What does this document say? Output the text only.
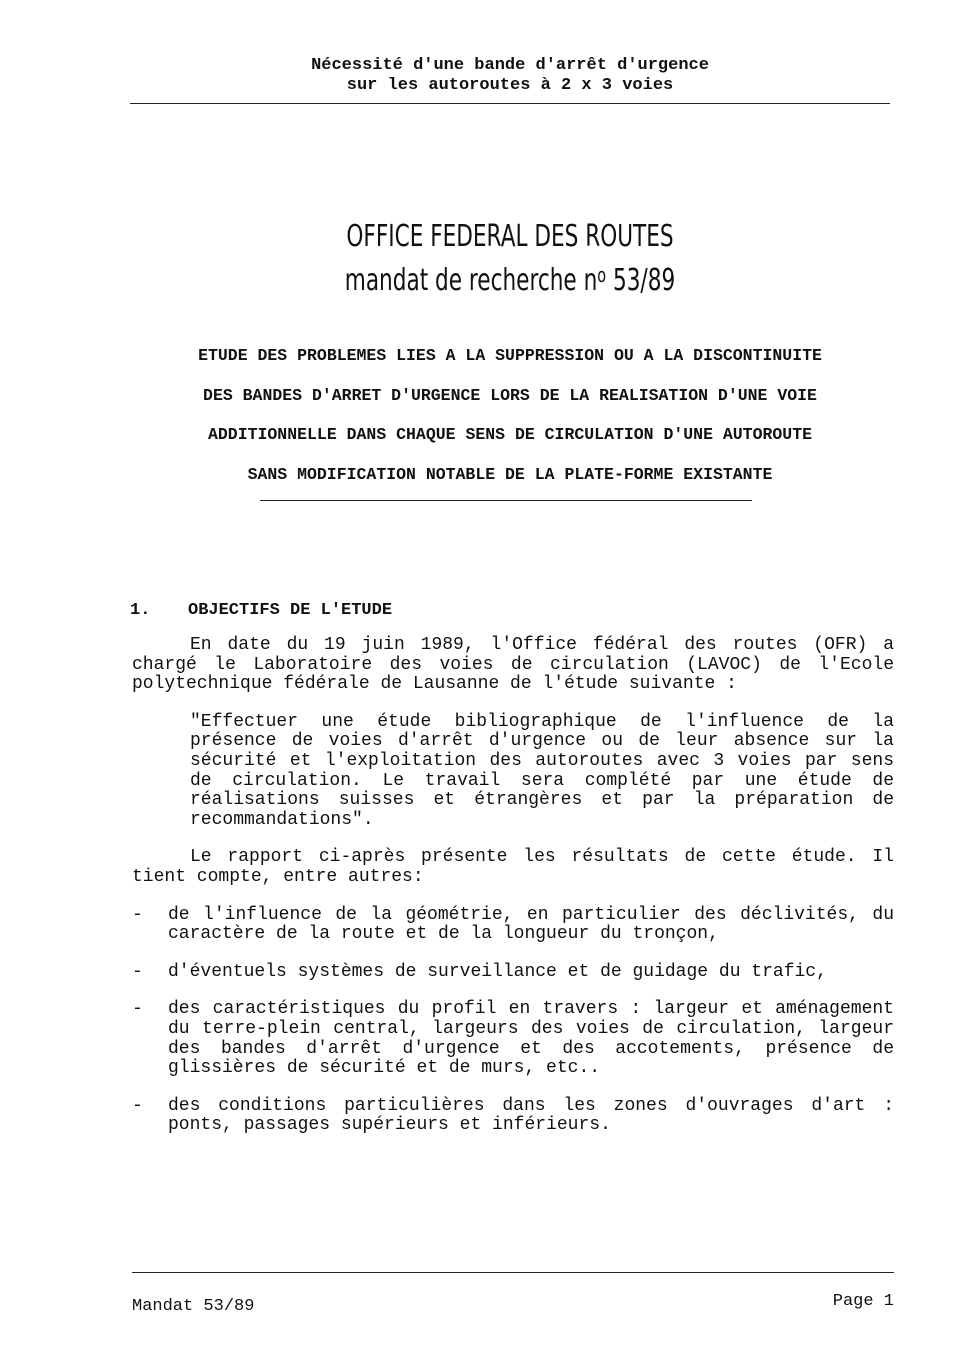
Nécessité d'une bande d'arrêt d'urgence
sur les autoroutes à 2 x 3 voies
OFFICE FEDERAL DES ROUTES
mandat de recherche $n^o$ 53/89
ETUDE DES PROBLEMES LIES A LA SUPPRESSION OU A LA DISCONTINUITE
DES BANDES D'ARRET D'URGENCE LORS DE LA REALISATION D'UNE VOIE
ADDITIONNELLE DANS CHAQUE SENS DE CIRCULATION D'UNE AUTOROUTE
SANS MODIFICATION NOTABLE DE LA PLATE-FORME EXISTANTE
1. OBJECTIFS DE L'ETUDE

En date du 19 juin 1989, l'Office fédéral des routes (OFR) a chargé le Laboratoire des voies de circulation (LAVOC) de l'Ecole polytechnique fédérale de Lausanne de l'étude suivante :

"Effectuer une étude bibliographique de l'influence de la présence de voies d'arrêt d'urgence ou de leur absence sur la sécurité et l'exploitation des autoroutes avec 3 voies par sens de circulation. Le travail sera complété par une étude de réalisations suisses et étrangères et par la préparation de recommandations".

Le rapport ci-après présente les résultats de cette étude. Il tient compte, entre autres:

- de l'influence de la géométrie, en particulier des déclivités, du caractère de la route et de la longueur du tronçon,
- d'éventuels systèmes de surveillance et de guidage du trafic,
- des caractéristiques du profil en travers : largeur et aménagement du terre-plein central, largeurs des voies de circulation, largeur des bandes d'arrêt d'urgence et des accotements, présence de glissières de sécurité et de murs, etc..
- des conditions particulières dans les zones d'ouvrages d'art : ponts, passages supérieurs et inférieurs.
Mandat 53/89	Page 1
